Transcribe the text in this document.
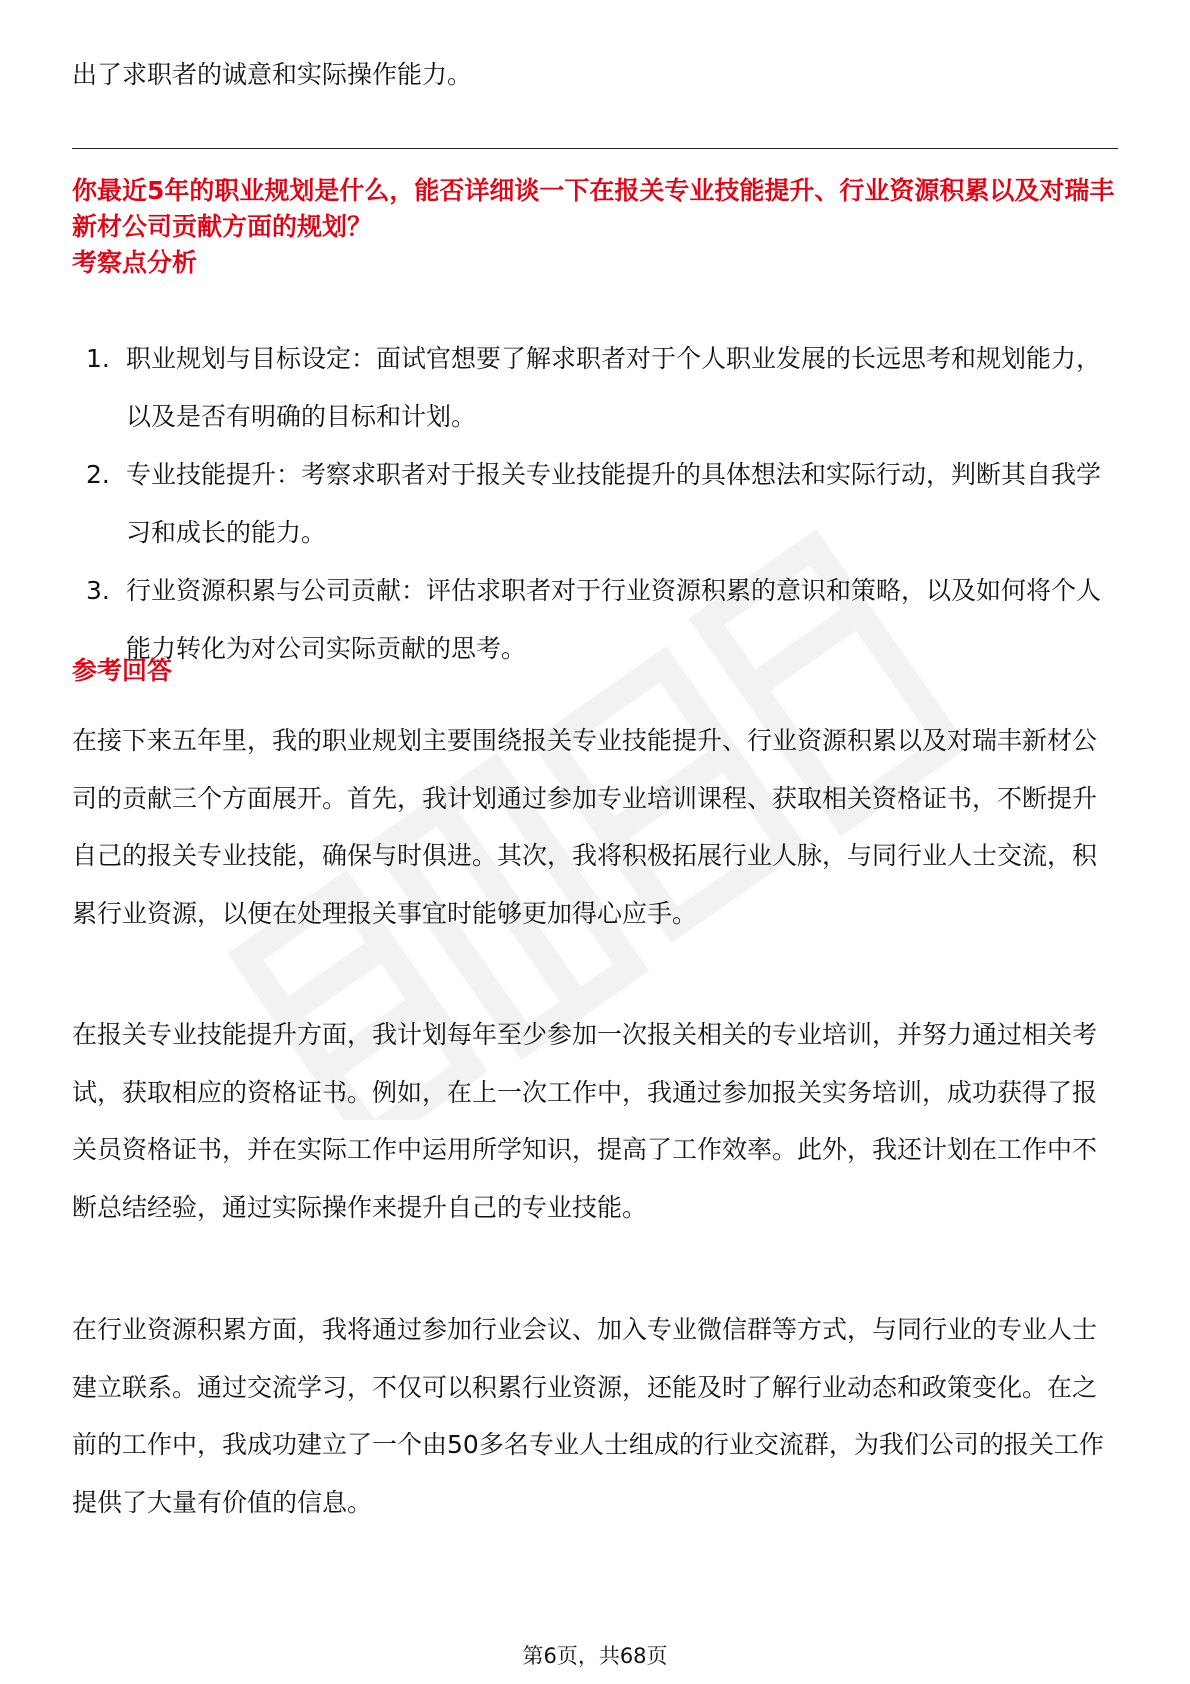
出了求职者的诚意和实际操作能力。

你最近5年的职业规划是什么，能否详细谈一下在报关专业技能提升、行业资源积累以及对瑞丰新材公司贡献方面的规划？

考察点分析

1. 职业规划与目标设定：面试官想要了解求职者对于个人职业发展的长远思考和规划能力，以及是否有明确的目标和计划。
2. 专业技能提升：考察求职者对于报关专业技能提升的具体想法和实际行动，判断其自我学习和成长的能力。
3. 行业资源积累与公司贡献：评估求职者对于行业资源积累的意识和策略，以及如何将个人能力转化为对公司实际贡献的思考。

参考回答

在接下来五年里，我的职业规划主要围绕报关专业技能提升、行业资源积累以及对瑞丰新材公司的贡献三个方面展开。首先，我计划通过参加专业培训课程、获取相关资格证书，不断提升自己的报关专业技能，确保与时俱进。其次，我将积极拓展行业人脉，与同行业人士交流，积累行业资源，以便在处理报关事宜时能够更加得心应手。

在报关专业技能提升方面，我计划每年至少参加一次报关相关的专业培训，并努力通过相关考试，获取相应的资格证书。例如，在上一次工作中，我通过参加报关实务培训，成功获得了报关员资格证书，并在实际工作中运用所学知识，提高了工作效率。此外，我还计划在工作中不断总结经验，通过实际操作来提升自己的专业技能。

在行业资源积累方面，我将通过参加行业会议、加入专业微信群等方式，与同行业的专业人士建立联系。通过交流学习，不仅可以积累行业资源，还能及时了解行业动态和政策变化。在之前的工作中，我成功建立了一个由50多名专业人士组成的行业交流群，为我们公司的报关工作提供了大量有价值的信息。

第6页，共68页
